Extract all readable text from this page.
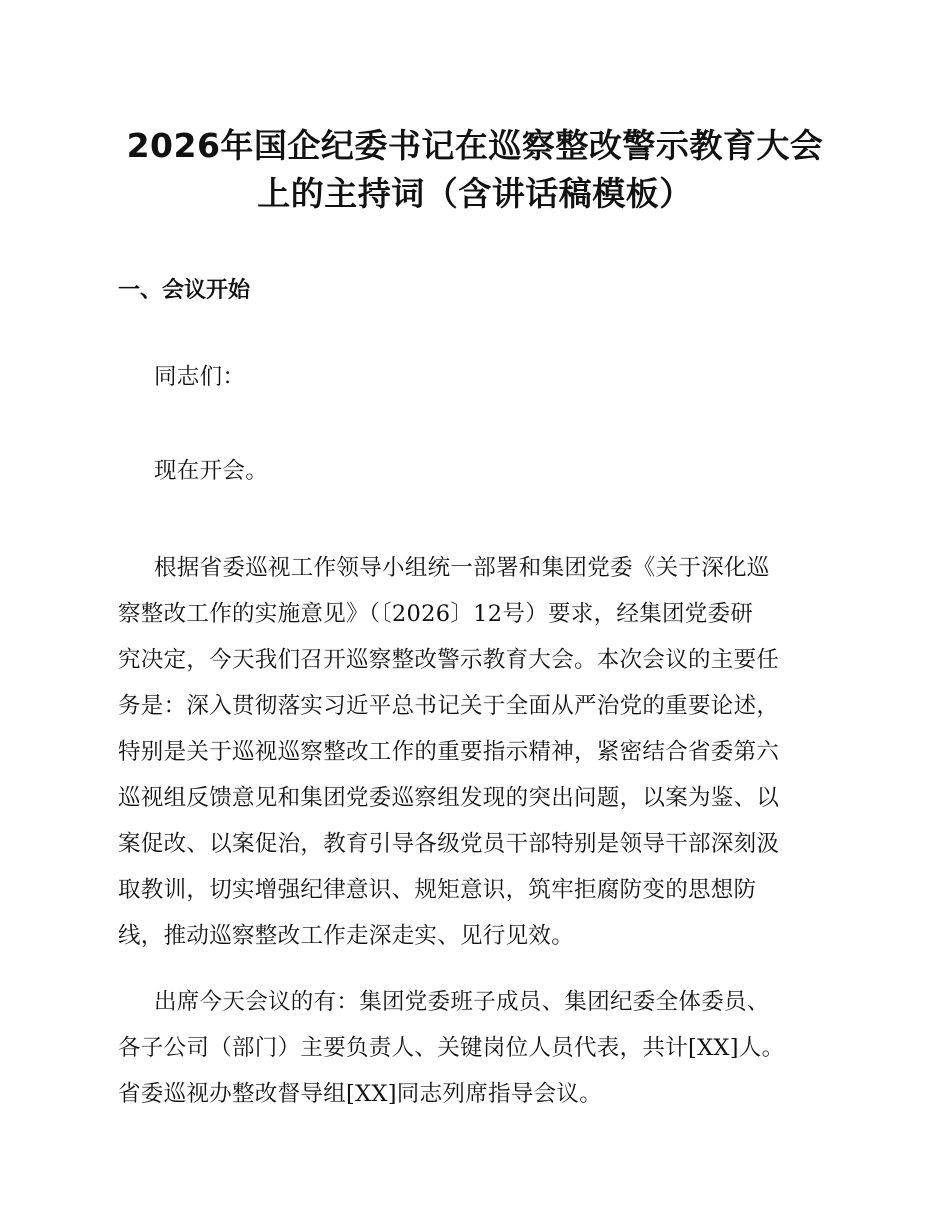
2026年国企纪委书记在巡察整改警示教育大会
上的主持词（含讲话稿模板）
一、会议开始

同志们：

现在开会。

根据省委巡视工作领导小组统一部署和集团党委《关于深化巡
察整改工作的实施意见》（〔2026〕12号）要求，经集团党委研
究决定，今天我们召开巡察整改警示教育大会。本次会议的主要任
务是：深入贯彻落实习近平总书记关于全面从严治党的重要论述，
特别是关于巡视巡察整改工作的重要指示精神，紧密结合省委第六
巡视组反馈意见和集团党委巡察组发现的突出问题，以案为鉴、以
案促改、以案促治，教育引导各级党员干部特别是领导干部深刻汲
取教训，切实增强纪律意识、规矩意识，筑牢拒腐防变的思想防
线，推动巡察整改工作走深走实、见行见效。

出席今天会议的有：集团党委班子成员、集团纪委全体委员、
各子公司（部门）主要负责人、关键岗位人员代表，共计[XX]人。
省委巡视办整改督导组[XX]同志列席指导会议。
